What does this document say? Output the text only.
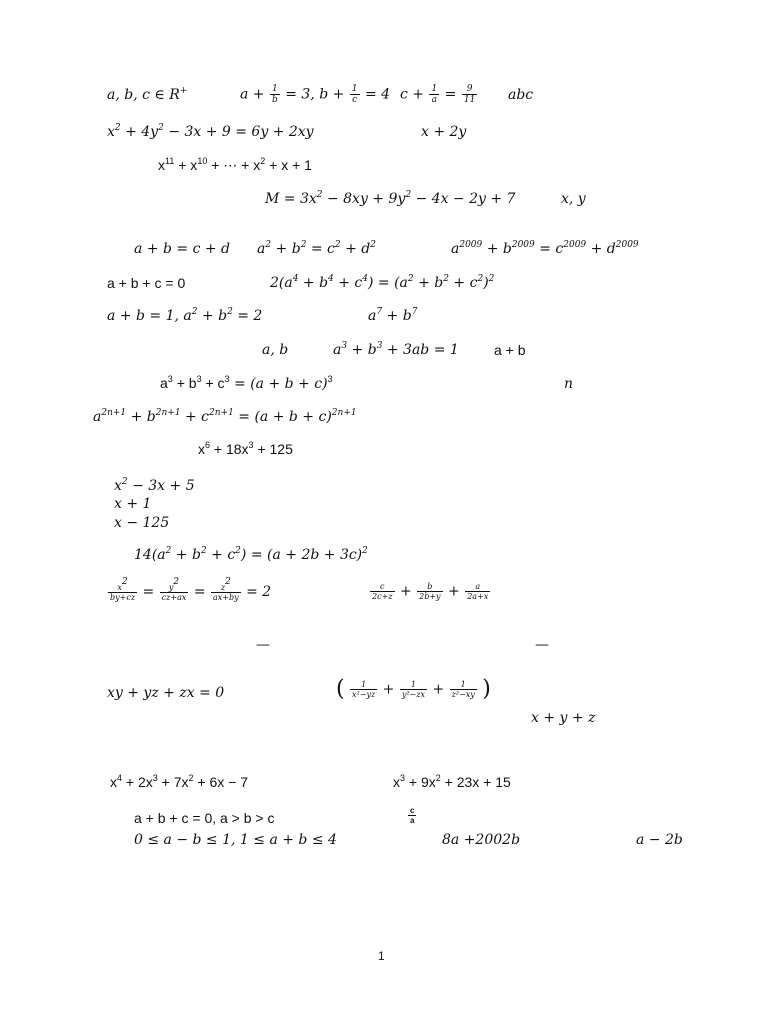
a, b, c ∈ R+	$a + \frac{1}{b} = 3$, $b + \frac{1}{c} = 4$ $c + \frac{1}{a} = \frac{9}{11}$ abc
$x^2 + 4y^2 - 3x + 9 = 6y + 2xy$	x + 2y
$x^{11} + x^{10}$ + ⋯ + $x^2 + x + 1$
$M = 3x^2 - 8xy + 9y^2 - 4x - 2y + 7$	x, y
a + b = c + d $a^2 + b^2 = c^2 + d^2$	$a^{2009} + b^{2009} = c^{2009} + d^{2009}$
a + b + c = 0	$2(a^4 + b^4 + c^4) = (a^2 + b^2 + c^2)^2$
a + b = 1, $a^2 + b^2 = 2$	$a^7 + b^7$
a, b	$a^3 + b^3 + 3ab = 1$	a + b
$a^3 + b^3 + c^3 = (a + b + c)^3$	n
$a^{2n+1} + b^{2n+1} + c^{2n+1} = (a + b + c)^{2n+1}$
$x^6 + 18x^3 + 125$
$x^2 - 3x + 5$
x + 1
x − 125
$14(a^2 + b^2 + c^2) = (a + 2b + 3c)^2$
$\frac{x^2}{by+cz} = \frac{y^2}{cz+ax} = \frac{z^2}{ax+by} = 2$	$\frac{c}{2c+z} + \frac{b}{2b+y} + \frac{a}{2a+x}$
—	—
xy + yz + zx = 0	( $\frac{1}{\text{x²−yz}} + \frac{1}{\text{y²−zx}} + \frac{1}{\text{z²−xy}}$ )
x + y + z
$x^4 + 2x^3 + 7x^2 + 6x - 7$	$x^3 + 9x^2 + 23x + 15$
a + b + c = 0, a > b > c	$\frac{c}{a}$
0 ≤ a − b ≤ 1, 1 ≤ a + b ≤ 4	8a +2002b	a − 2b
1
